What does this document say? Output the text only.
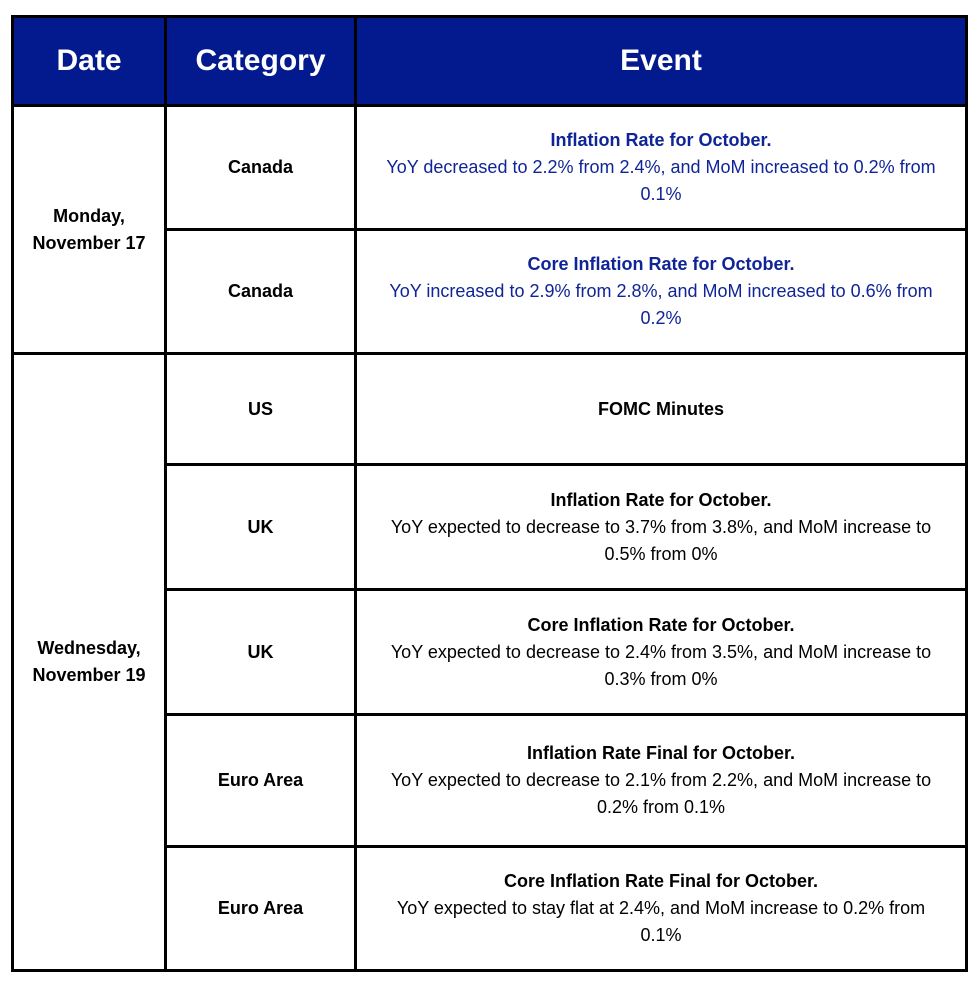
Date	Category	Event
Monday, November 17	Canada	Inflation Rate for October.
YoY decreased to 2.2% from 2.4%, and MoM increased to 0.2% from 0.1%

	Canada	Core Inflation Rate for October.
YoY increased to 2.9% from 2.8%, and MoM increased to 0.6% from 0.2%

Wednesday, November 19	US	FOMC Minutes

	UK	Inflation Rate for October.
YoY expected to decrease to 3.7% from 3.8%, and MoM increase to 0.5% from 0%

	UK	Core Inflation Rate for October.
YoY expected to decrease to 2.4% from 3.5%, and MoM increase to 0.3% from 0%

	Euro Area	Inflation Rate Final for October.
YoY expected to decrease to 2.1% from 2.2%, and MoM increase to 0.2% from 0.1%

	Euro Area	Core Inflation Rate Final for October.
YoY expected to stay flat at 2.4%, and MoM increase to 0.2% from 0.1%
